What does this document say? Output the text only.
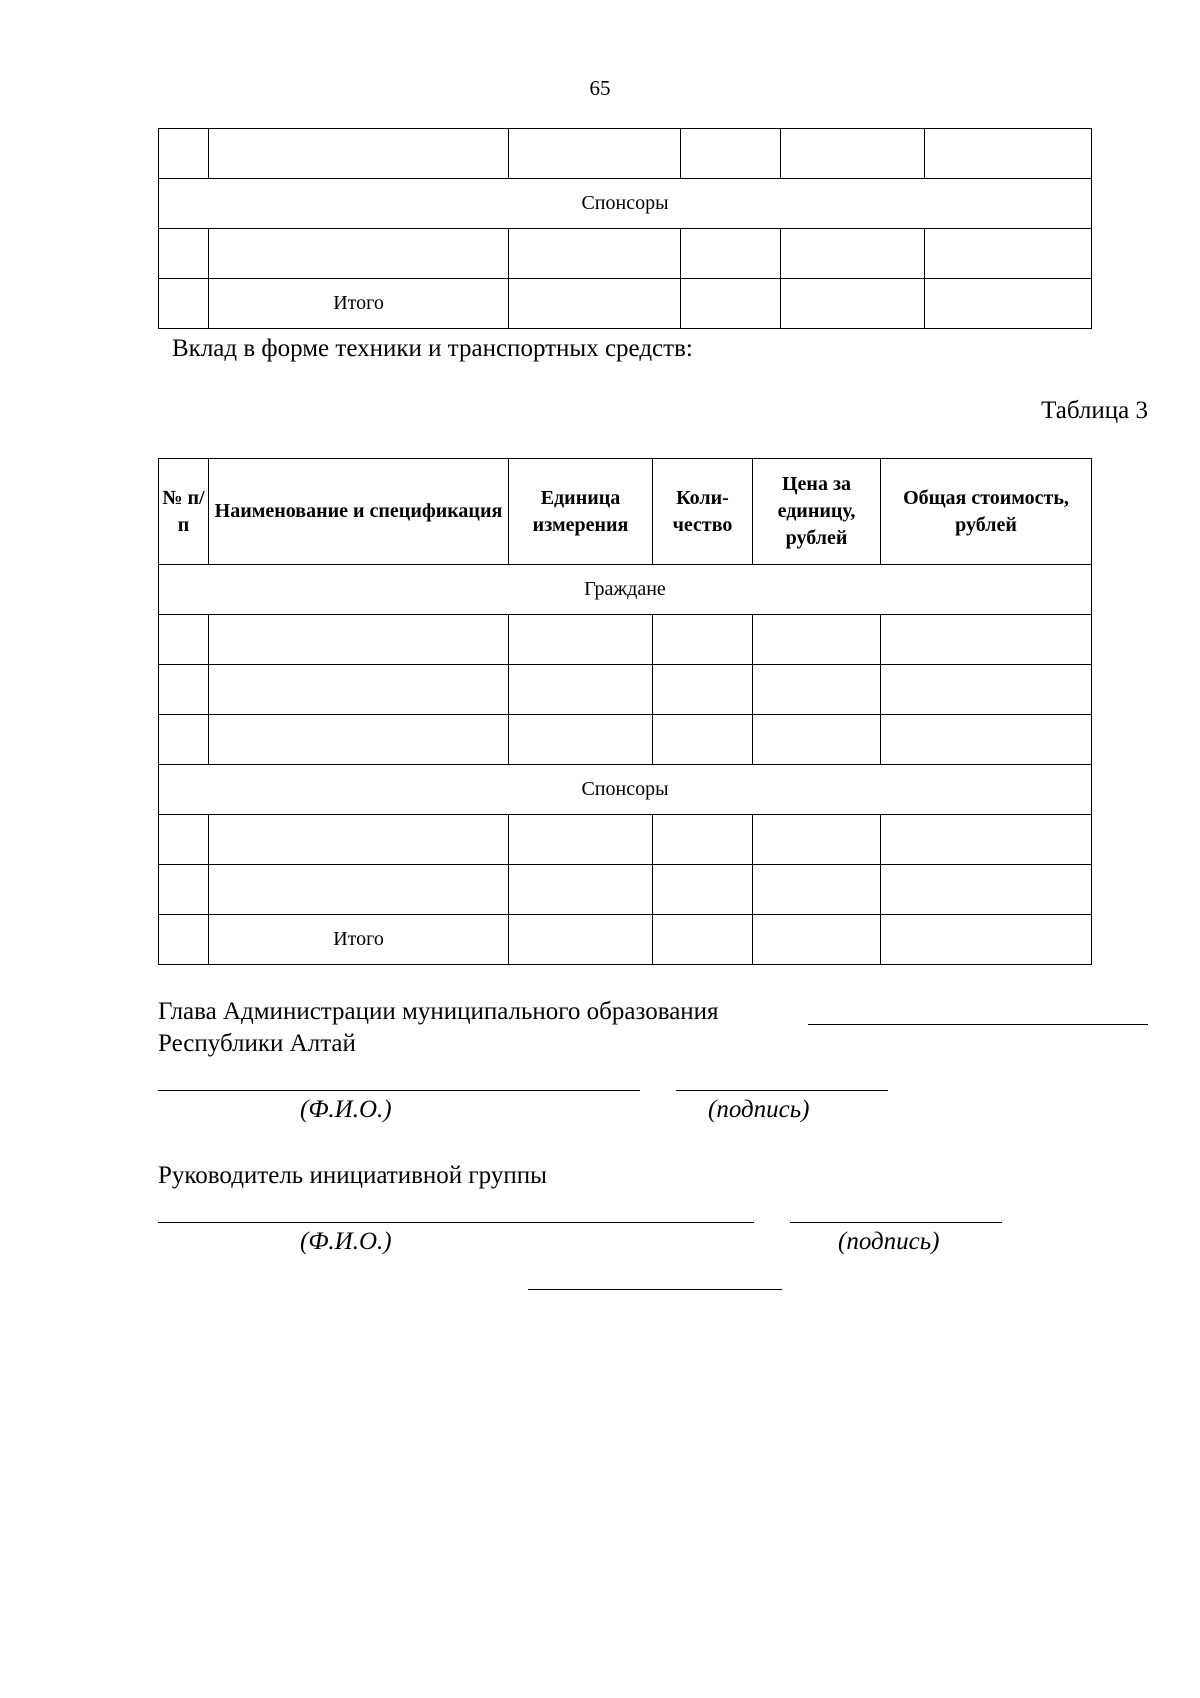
65

Спонсоры					

	Итого				
Вклад в форме техники и транспортных средств:
Таблица 3
№ п/п	Наименование и спецификация	Единица измерения	Коли-чество	Цена за единицу, рублей	Общая стоимость, рублей
Граждане					

Спонсоры					

	Итого				
Глава Администрации муниципального образования
Республики Алтай
(Ф.И.О.)	(подпись)
Руководитель инициативной группы
(Ф.И.О.)	(подпись)
